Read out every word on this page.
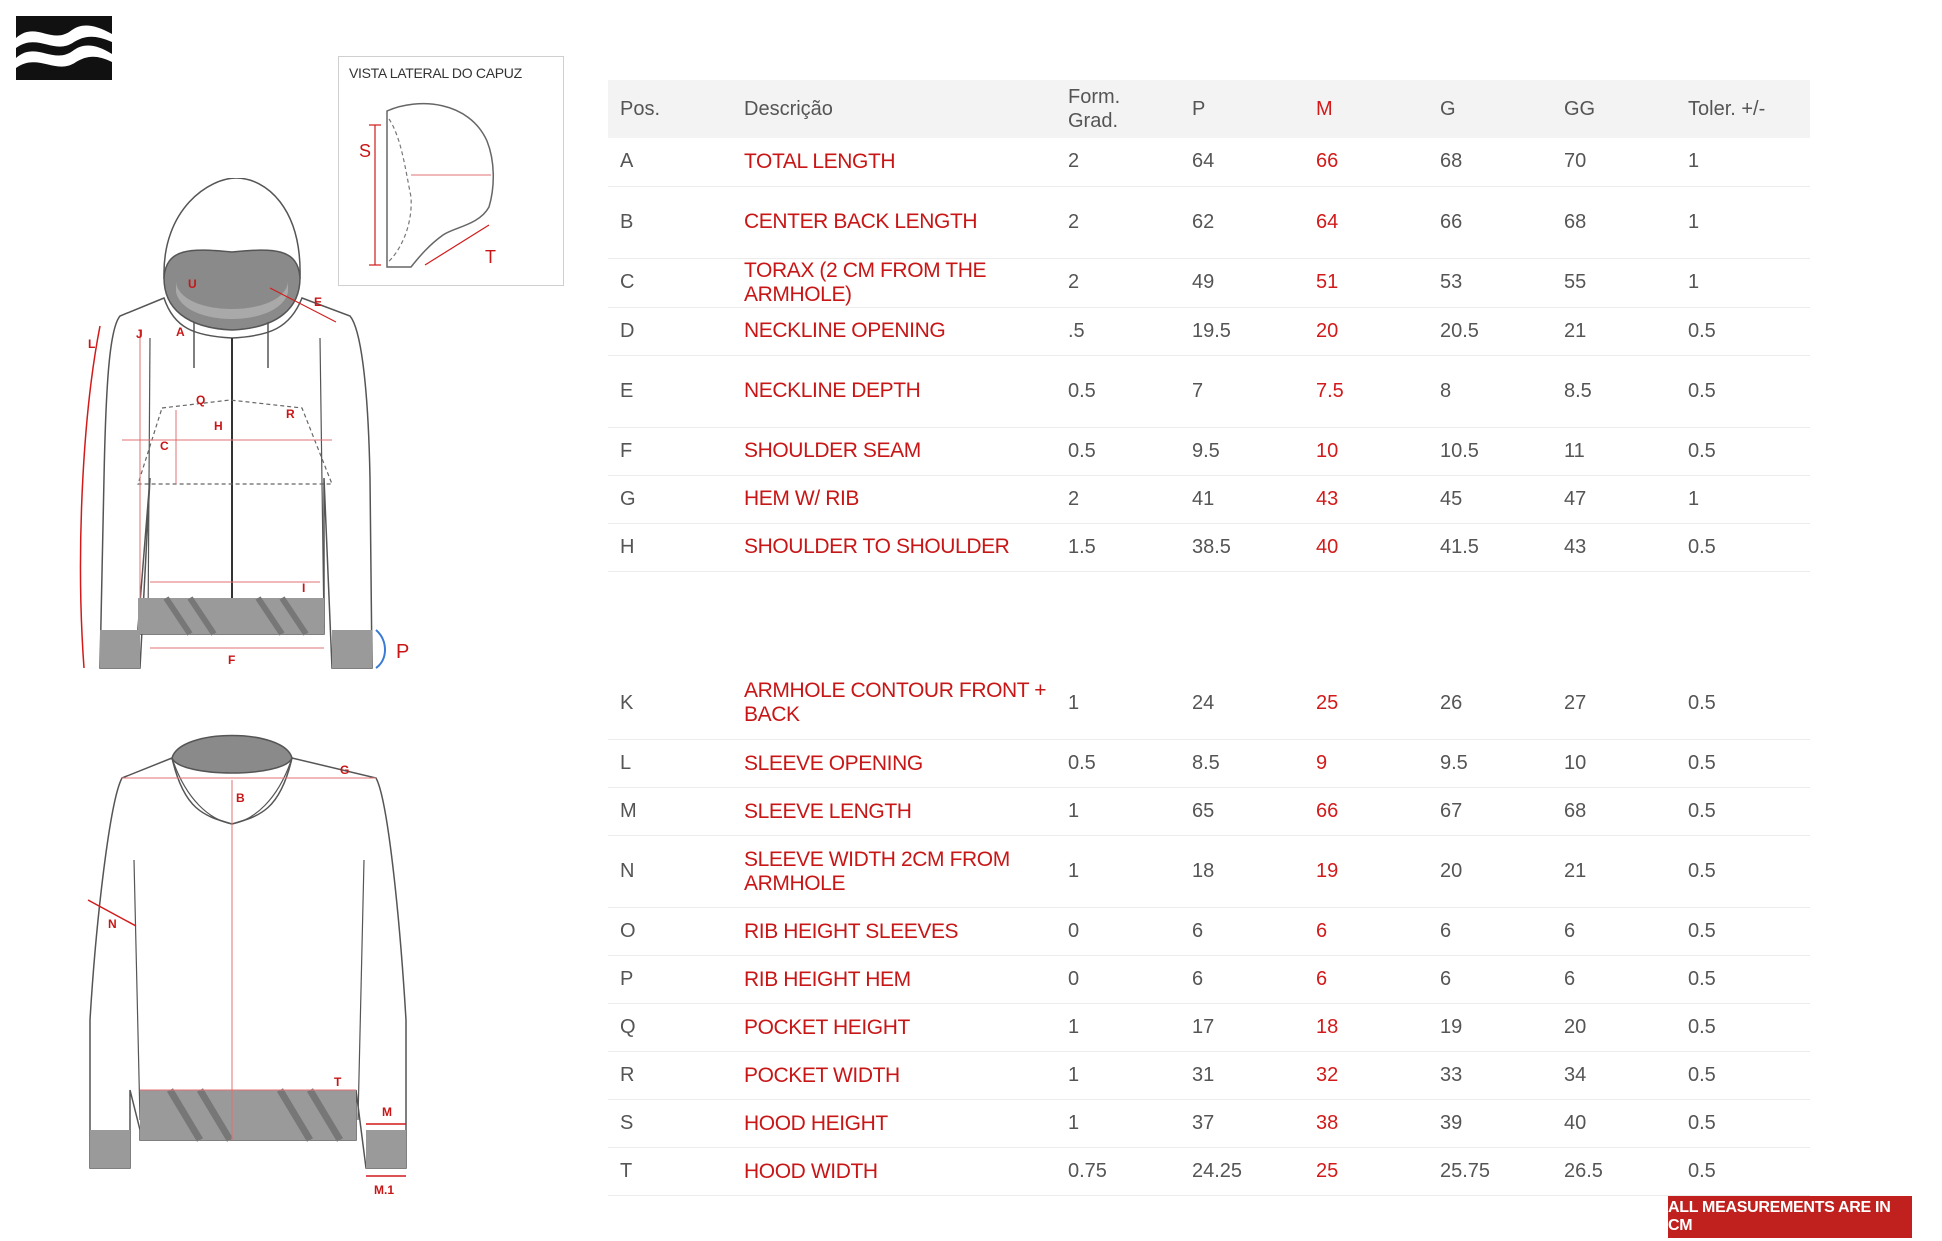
VISTA LATERAL DO CAPUZ
S
T
U
A
J
L
E
C
Q
R
H
I
F	P
B
G
N
T
M
M.1
Pos.	Descrição	Form.
Grad.	P	M	G	GG	Toler. +/-
A	TOTAL LENGTH	2	64	66	68	70	1
B	CENTER BACK LENGTH	2	62	64	66	68	1
C	TORAX (2 CM FROM THE ARMHOLE)	2	49	51	53	55	1
D	NECKLINE OPENING	.5	19.5	20	20.5	21	0.5
E	NECKLINE DEPTH	0.5	7	7.5	8	8.5	0.5
F	SHOULDER SEAM	0.5	9.5	10	10.5	11	0.5
G	HEM W/ RIB	2	41	43	45	47	1
H	SHOULDER TO SHOULDER	1.5	38.5	40	41.5	43	0.5

K	ARMHOLE CONTOUR FRONT + BACK	1	24	25	26	27	0.5
L	SLEEVE OPENING	0.5	8.5	9	9.5	10	0.5
M	SLEEVE LENGTH	1	65	66	67	68	0.5
N	SLEEVE WIDTH 2CM FROM ARMHOLE	1	18	19	20	21	0.5
O	RIB HEIGHT SLEEVES	0	6	6	6	6	0.5
P	RIB HEIGHT HEM	0	6	6	6	6	0.5
Q	POCKET HEIGHT	1	17	18	19	20	0.5
R	POCKET WIDTH	1	31	32	33	34	0.5
S	HOOD HEIGHT	1	37	38	39	40	0.5
T	HOOD WIDTH	0.75	24.25	25	25.75	26.5	0.5
ALL MEASUREMENTS ARE IN CM
